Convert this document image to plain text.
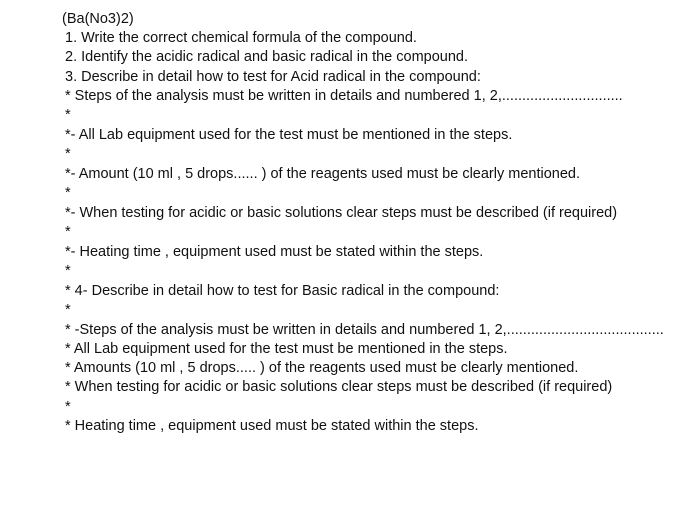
(Ba(No3)2)
1. Write the correct chemical formula of the compound.
2. Identify the acidic radical and basic radical in the compound.
3. Describe in detail how to test for Acid radical in the compound:
* Steps of the analysis must be written in details and numbered 1, 2,..............................
*
*- All Lab equipment used for the test must be mentioned in the steps.
*
*- Amount (10 ml , 5 drops...... ) of the reagents used must be clearly mentioned.
*
*- When testing for acidic or basic solutions clear steps must be described (if required)
*
*- Heating time , equipment used must be stated within the steps.
*
* 4- Describe in detail how to test for Basic radical in the compound:
*
* -Steps of the analysis must be written in details and numbered 1, 2,.......................................
* All Lab equipment used for the test must be mentioned in the steps.
* Amounts (10 ml , 5 drops..... ) of the reagents used must be clearly mentioned.
* When testing for acidic or basic solutions clear steps must be described (if required)
*
* Heating time , equipment used must be stated within the steps.
